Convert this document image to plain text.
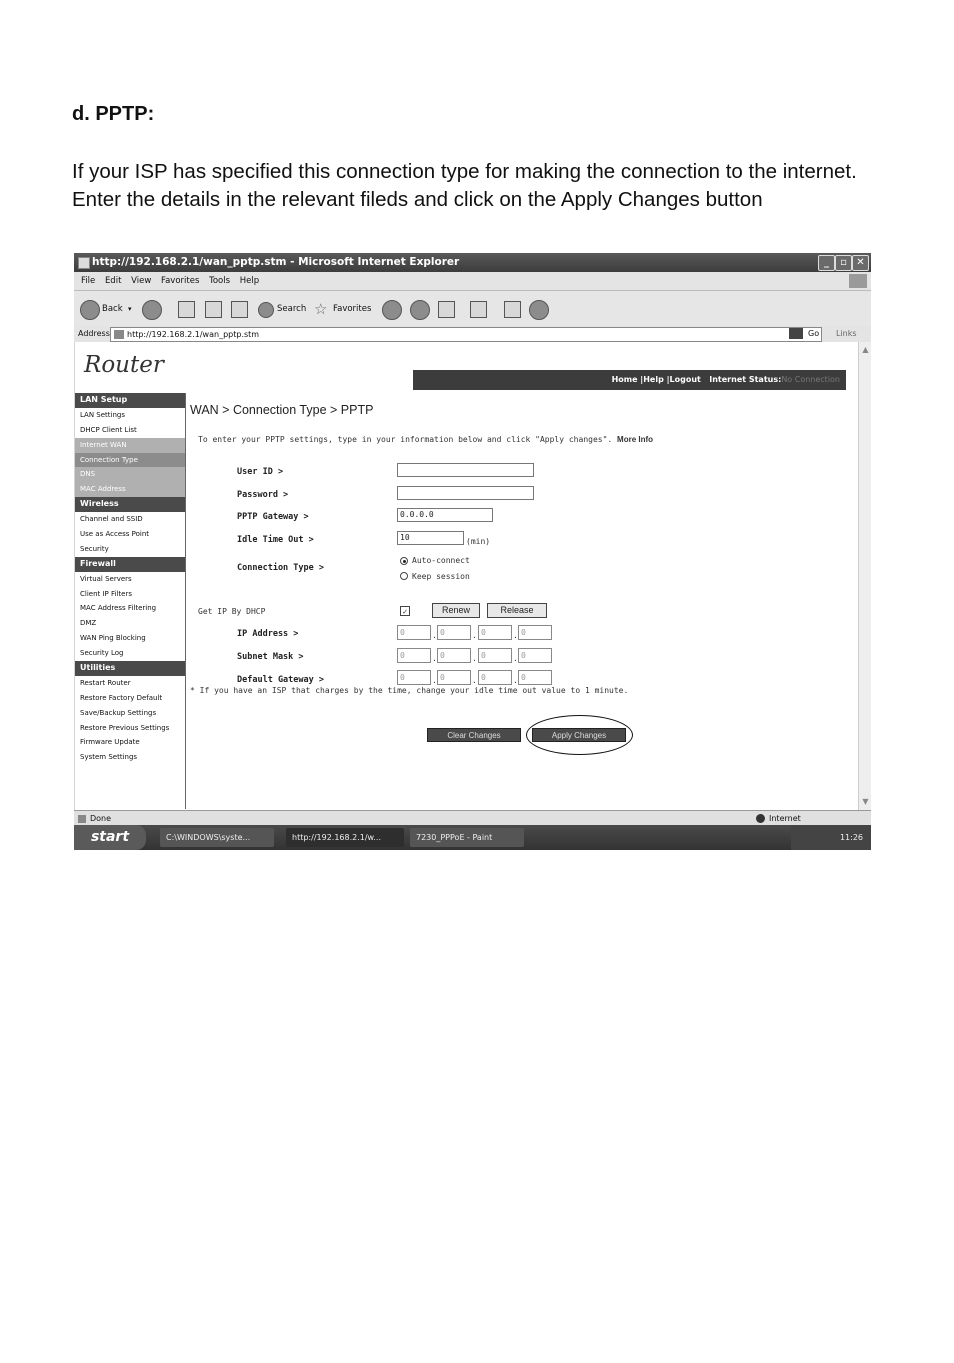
d. PPTP:
If your ISP has specified this connection type for making the connection to the internet. Enter the details in the relevant fileds and click on the Apply Changes button
http://192.168.2.1/wan_pptp.stm - Microsoft Internet Explorer	_	▫ ✕
File Edit View Favorites Tools Help
Back ▾	Search ☆ Favorites
Address	http://192.168.2.1/wan_pptp.stm	Go Links
Router
Home |Help |Logout Internet Status:No Connection
LAN Setup
LAN Settings
DHCP Client List
Internet WAN
Connection Type
DNS
MAC Address
Wireless
Channel and SSID
Use as Access Point
Security
Firewall
Virtual Servers
Client IP Filters
MAC Address Filtering
DMZ
WAN Ping Blocking
Security Log
Utilities
Restart Router
Restore Factory Default
Save/Backup Settings
Restore Previous Settings
Firmware Update
System Settings
WAN > Connection Type > PPTP
To enter your PPTP settings, type in your information below and click "Apply changes". More Info
User ID >
Password >
PPTP Gateway >	0.0.0.0
Idle Time Out >	10	(min)
Connection Type >
Auto-connect
Keep session
Get IP By DHCP	✓	Renew	Release
IP Address >	0	. 0	. 0	. 0
Subnet Mask >	0	. 0	. 0	. 0
Default Gateway >	0	. 0	. 0	. 0
* If you have an ISP that charges by the time, change your idle time out value to 1 minute.
Clear Changes	Apply Changes
▲
▼
Done	Internet
start	C:\WINDOWS\syste...	http://192.168.2.1/w...	7230_PPPoE - Paint	11:26
